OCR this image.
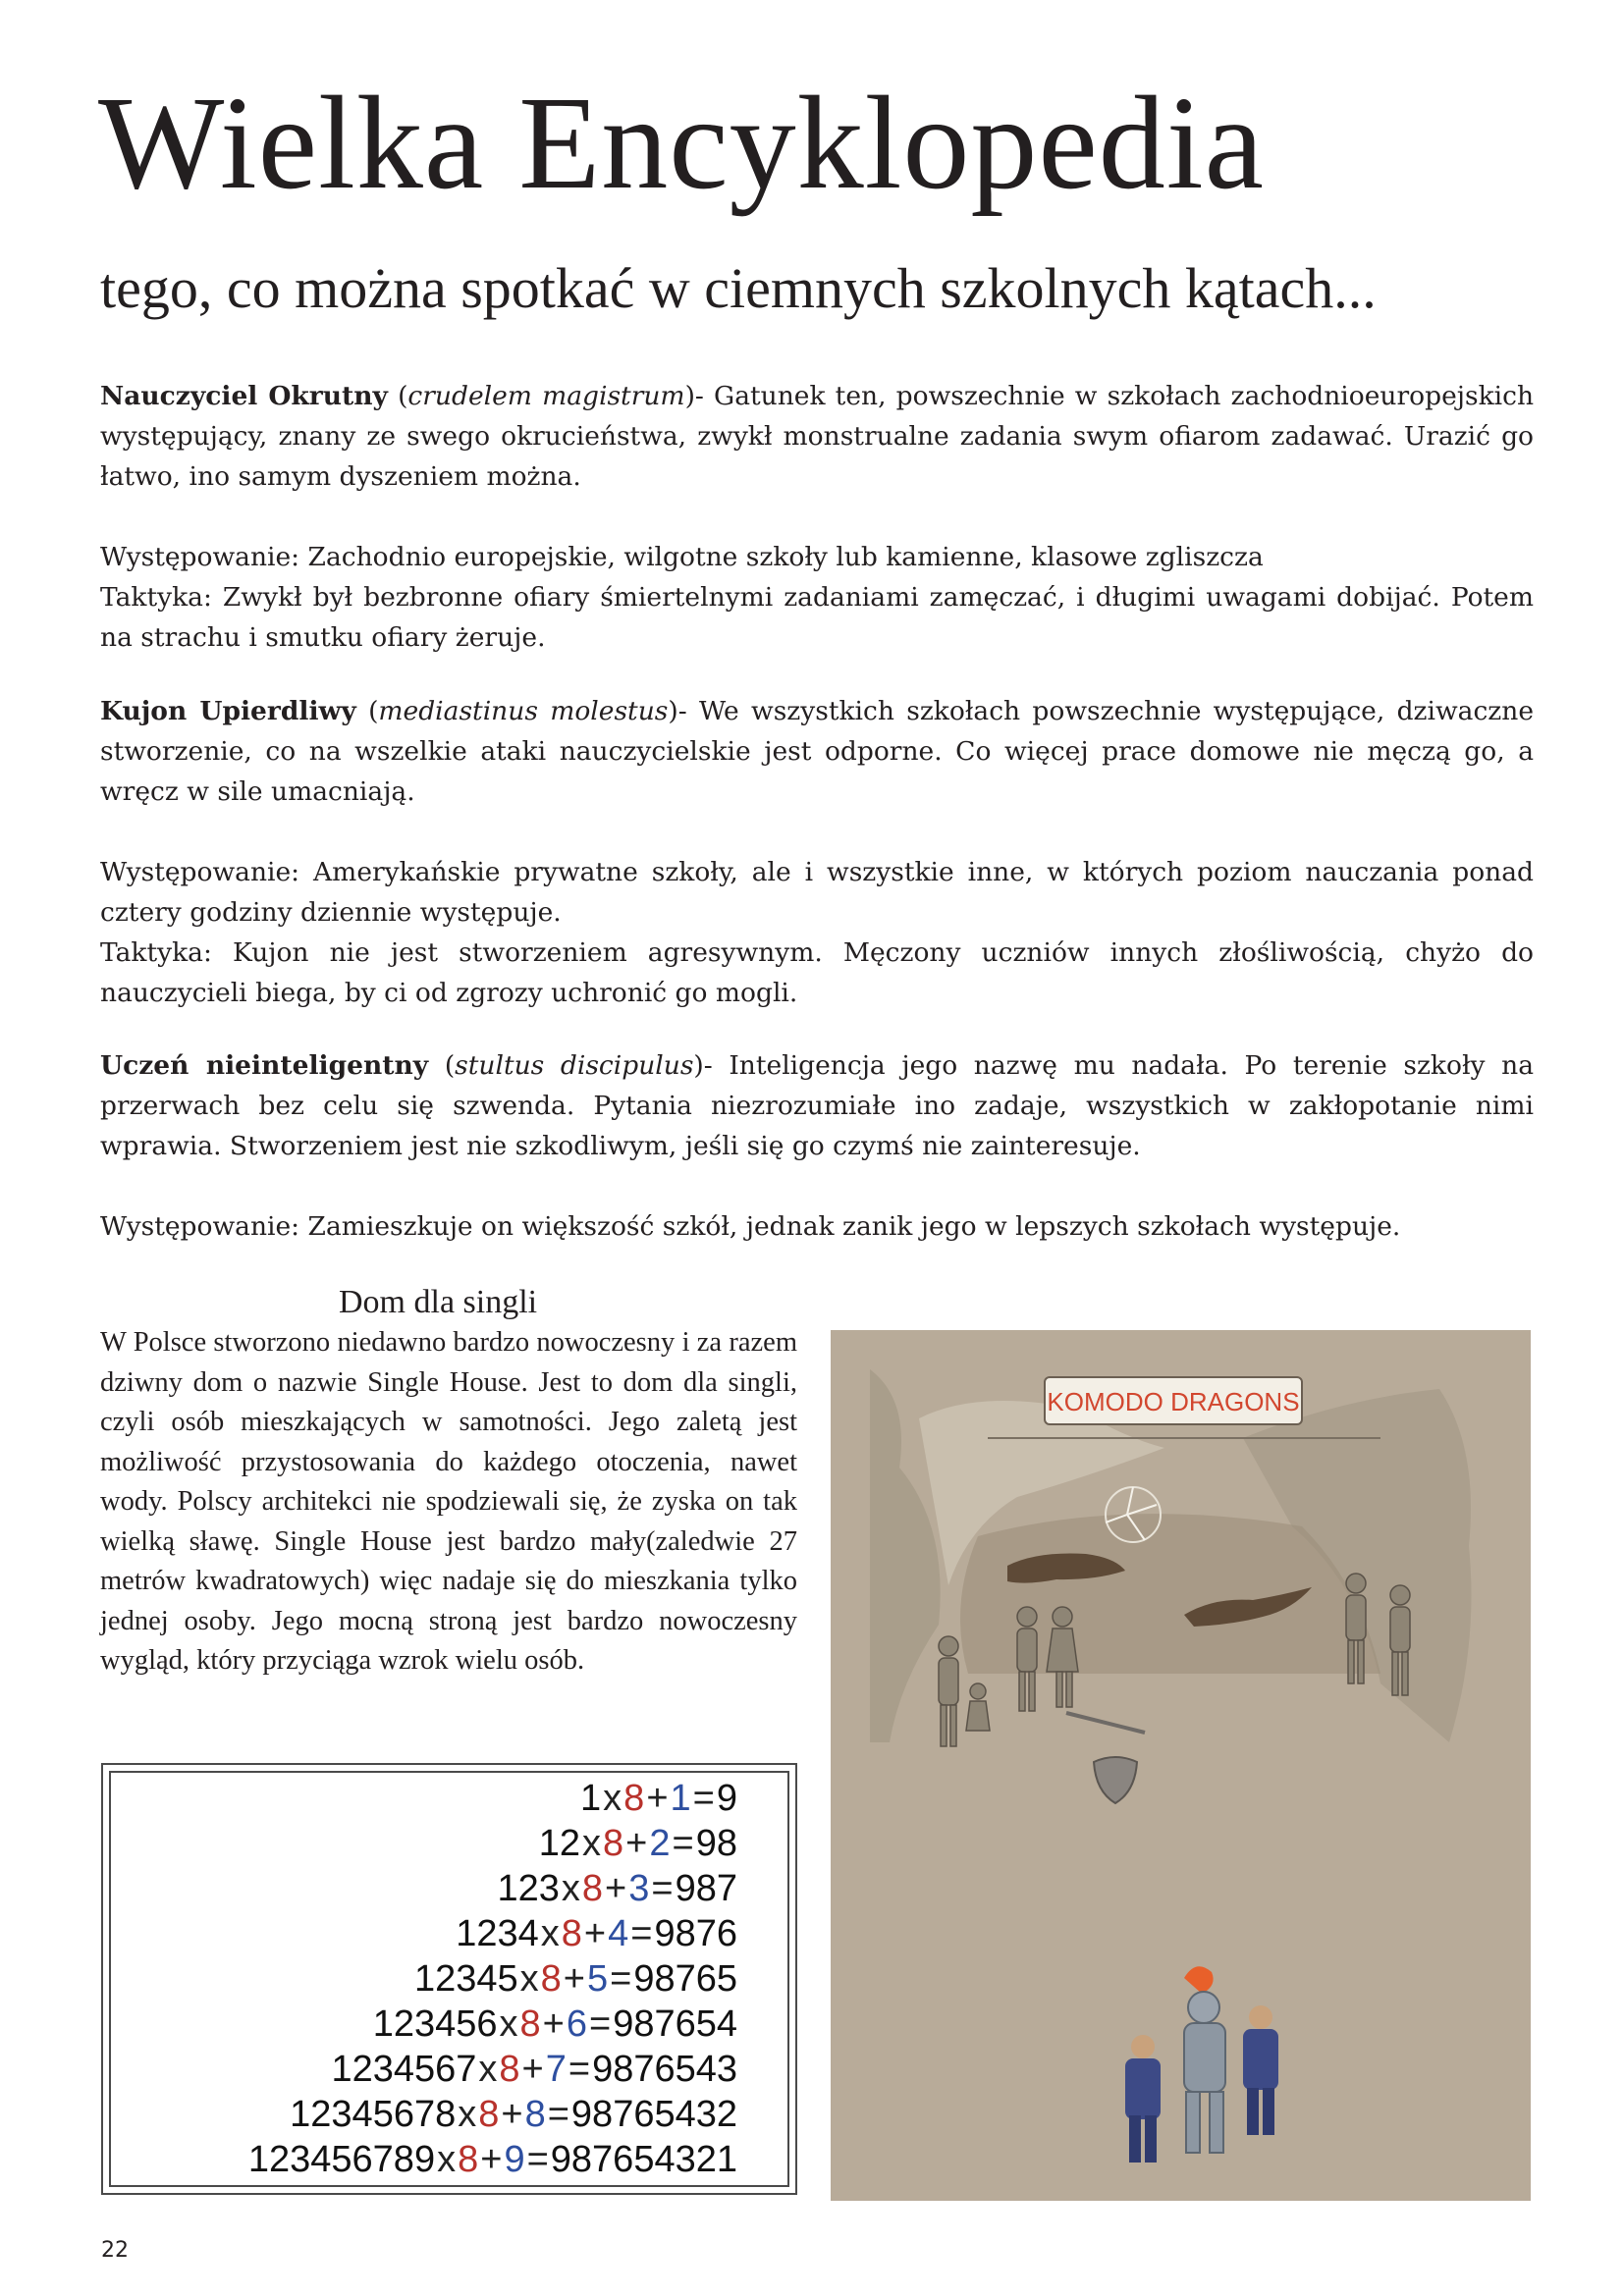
Wielka Encyklopedia
tego, co można spotkać w ciemnych szkolnych kątach...

Nauczyciel Okrutny (crudelem magistrum)- Gatunek ten, powszechnie w szkołach zachodnioeuropejskich występujący, znany ze swego okrucieństwa, zwykł monstrualne zadania swym ofiarom zadawać. Urazić go łatwo, ino samym dyszeniem można.

Występowanie: Zachodnio europejskie, wilgotne szkoły lub kamienne, klasowe zgliszcza

Taktyka: Zwykł był bezbronne ofiary śmiertelnymi zadaniami zamęczać, i długimi uwagami dobijać. Potem na strachu i smutku ofiary żeruje.

Kujon Upierdliwy (mediastinus molestus)- We wszystkich szkołach powszechnie występujące, dziwaczne stworzenie, co na wszelkie ataki nauczycielskie jest odporne. Co więcej prace domowe nie męczą go, a wręcz w sile umacniają.

Występowanie: Amerykańskie prywatne szkoły, ale i wszystkie inne, w których poziom nauczania ponad cztery godziny dziennie występuje.

Taktyka: Kujon nie jest stworzeniem agresywnym. Męczony uczniów innych złośliwością, chyżo do nauczycieli biega, by ci od zgrozy uchronić go mogli.

Uczeń nieinteligentny (stultus discipulus)- Inteligencja jego nazwę mu nadała. Po terenie szkoły na przerwach bez celu się szwenda. Pytania niezrozumiałe ino zadaje, wszystkich w zakłopotanie nimi wprawia. Stworzeniem jest nie szkodliwym, jeśli się go czymś nie zainteresuje.

Występowanie: Zamieszkuje on większość szkół, jednak zanik jego w lepszych szkołach występuje.

Dom dla singli

W Polsce stworzono niedawno bardzo nowoczesny i za razem dziwny dom o nazwie Single House. Jest to dom dla singli, czyli osób mieszkających w samotności. Jego zaletą jest możliwość przystosowania do każdego otoczenia, nawet wody. Polscy architekci nie spodziewali się, że zyska on tak wielką sławę. Single House jest bardzo mały(zaledwie 27 metrów kwadratowych) więc nadaje się do mieszkania tylko jednej osoby. Jego mocną stroną jest bardzo nowoczesny wygląd, który przyciąga wzrok wielu osób.

KOMODO DRAGONS
1x8+1=9
12x8+2=98
123x8+3=987
1234x8+4=9876
12345x8+5=98765
123456x8+6=987654
1234567x8+7=9876543
12345678x8+8=98765432
123456789x8+9=987654321

22
